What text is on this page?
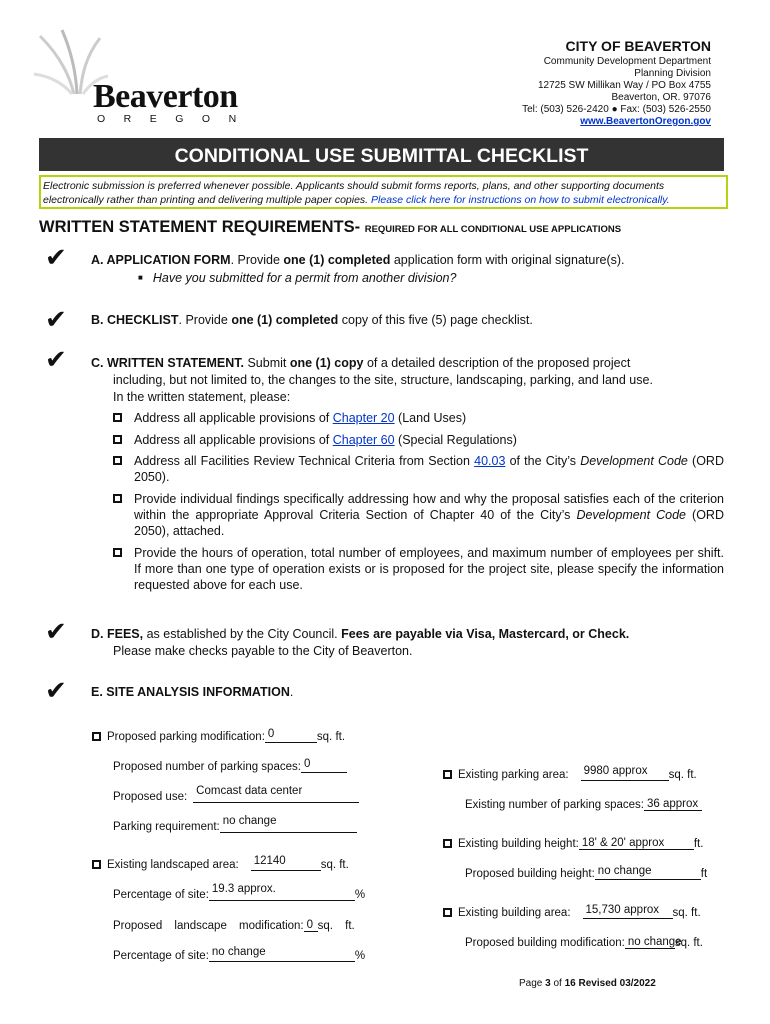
Beaverton
OREGON
CITY OF BEAVERTON
Community Development Department
Planning Division
12725 SW Millikan Way / PO Box 4755
Beaverton, OR. 97076
Tel: (503) 526-2420 ● Fax: (503) 526-2550
www.BeavertonOregon.gov
CONDITIONAL USE SUBMITTAL CHECKLIST
Electronic submission is preferred whenever possible. Applicants should submit forms reports, plans, and other supporting documents electronically rather than printing and delivering multiple paper copies. Please click here for instructions on how to submit electronically.
WRITTEN STATEMENT REQUIREMENTS- REQUIRED FOR ALL CONDITIONAL USE APPLICATIONS
✔
✔
✔
✔
✔
A. APPLICATION FORM. Provide one (1) completed application form with original signature(s).
■ Have you submitted for a permit from another division?
B. CHECKLIST. Provide one (1) completed copy of this five (5) page checklist.
C. WRITTEN STATEMENT. Submit one (1) copy of a detailed description of the proposed project
including, but not limited to, the changes to the site, structure, landscaping, parking, and land use.
In the written statement, please:
Address all applicable provisions of Chapter 20 (Land Uses)
Address all applicable provisions of Chapter 60 (Special Regulations)
Address all Facilities Review Technical Criteria from Section 40.03 of the City’s Development Code (ORD 2050).
Provide individual findings specifically addressing how and why the proposal satisfies each of the criterion within the appropriate Approval Criteria Section of Chapter 40 of the City’s Development Code (ORD 2050), attached.
Provide the hours of operation, total number of employees, and maximum number of employees per shift. If more than one type of operation exists or is proposed for the project site, please specify the information requested above for each use.
D. FEES, as established by the City Council. Fees are payable via Visa, Mastercard, or Check.
Please make checks payable to the City of Beaverton.
E. SITE ANALYSIS INFORMATION.
Proposed parking modification: 0	sq. ft.
Proposed number of parking spaces: 0
Proposed use: Comcast data center
Parking requirement: no change
Existing landscaped area: 12140	sq. ft.
Percentage of site: 19.3 approx.	%
Proposed landscape modification: 0 sq. ft.
Percentage of site: no change	%
Existing parking area: 9980 approx sq. ft.
Existing number of parking spaces: 36 approx
Existing building height: 18' & 20' approx	ft.
Proposed building height: no change	ft
Existing building area: 15,730 approx sq. ft.
Proposed building modification: no change
sq. ft.
Page 3 of 16 Revised 03/2022
